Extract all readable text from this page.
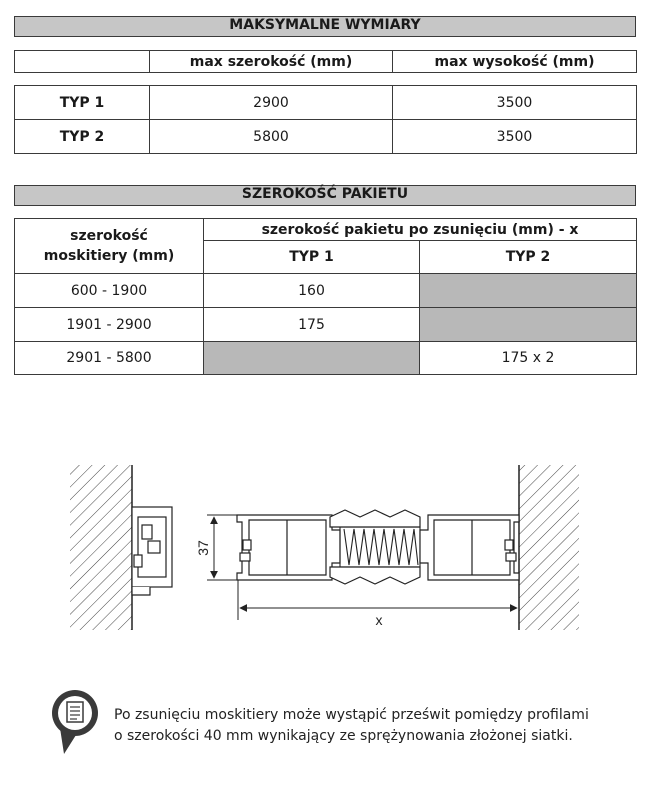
MAKSYMALNE WYMIARY
	max szerokość (mm)	max wysokość (mm)
TYP 1	2900	3500
TYP 2	5800	3500
SZEROKOŚĆ PAKIETU
szerokość moskitiery (mm)	szerokość pakietu po zsunięciu (mm) - x	
	TYP 1	TYP 2
600 - 1900	160	
1901 - 2900	175	
2901 - 5800		175 x 2
37
x
Po zsunięciu moskitiery może wystąpić prześwit pomiędzy profilami
o szerokości 40 mm wynikający ze sprężynowania złożonej siatki.
